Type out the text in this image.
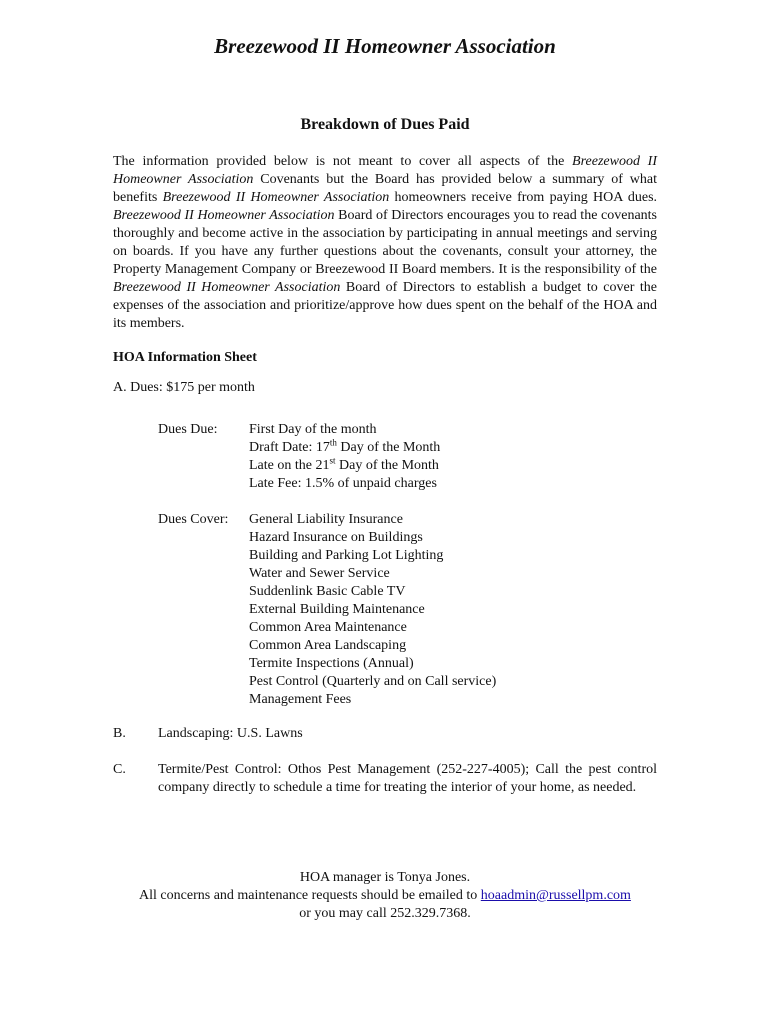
Breezewood II Homeowner Association
Breakdown of Dues Paid

The information provided below is not meant to cover all aspects of the Breezewood II Homeowner Association Covenants but the Board has provided below a summary of what benefits Breezewood II Homeowner Association homeowners receive from paying HOA dues. Breezewood II Homeowner Association Board of Directors encourages you to read the covenants thoroughly and become active in the association by participating in annual meetings and serving on boards. If you have any further questions about the covenants, consult your attorney, the Property Management Company or Breezewood II Board members. It is the responsibility of the Breezewood II Homeowner Association Board of Directors to establish a budget to cover the expenses of the association and prioritize/approve how dues spent on the behalf of the HOA and its members.

HOA Information Sheet
A. Dues: $175 per month
Dues Due: First Day of the month
Draft Date: 17th Day of the Month
Late on the 21st Day of the Month
Late Fee: 1.5% of unpaid charges
Dues Cover: General Liability Insurance
Hazard Insurance on Buildings
Building and Parking Lot Lighting
Water and Sewer Service
Suddenlink Basic Cable TV
External Building Maintenance
Common Area Maintenance
Common Area Landscaping
Termite Inspections (Annual)
Pest Control (Quarterly and on Call service)
Management Fees
B. Landscaping: U.S. Lawns
C. Termite/Pest Control: Othos Pest Management (252-227-4005); Call the pest control company directly to schedule a time for treating the interior of your home, as needed.
HOA manager is Tonya Jones.
All concerns and maintenance requests should be emailed to hoaadmin@russellpm.com
or you may call 252.329.7368.
